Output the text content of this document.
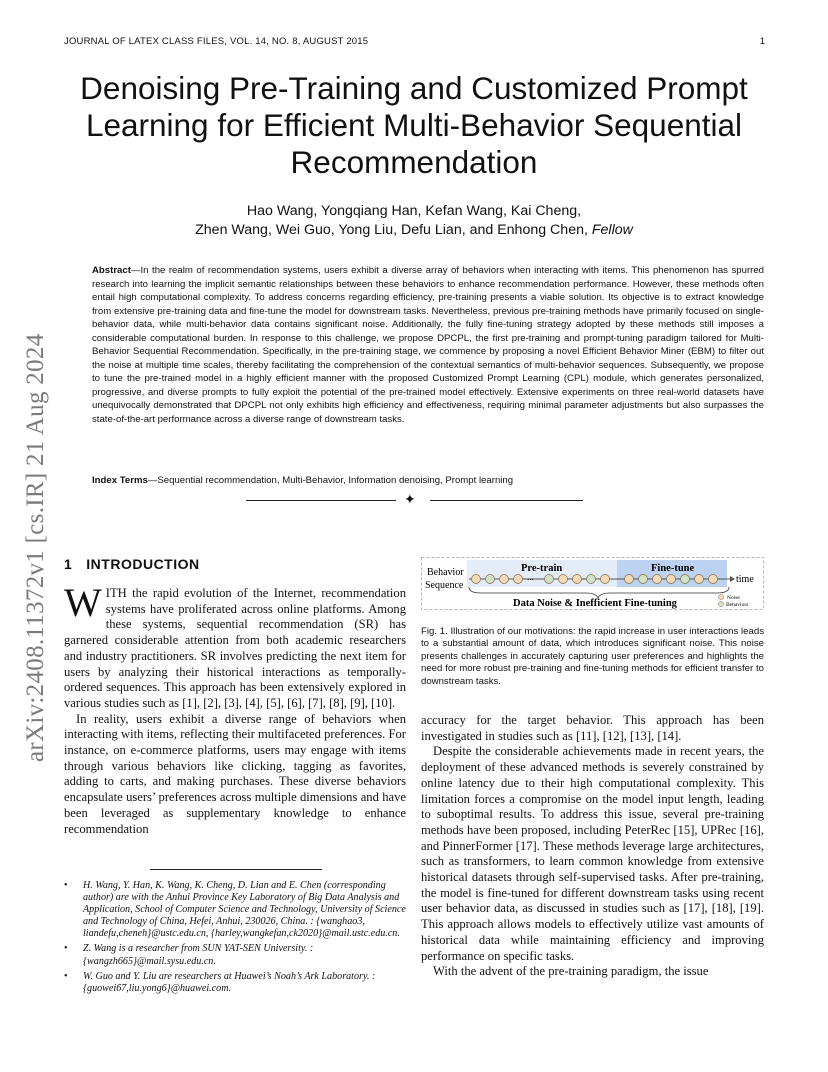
JOURNAL OF LATEX CLASS FILES, VOL. 14, NO. 8, AUGUST 2015	1
arXiv:2408.11372v1 [cs.IR] 21 Aug 2024
Denoising Pre-Training and Customized Prompt Learning for Efficient Multi-Behavior Sequential Recommendation
Hao Wang, Yongqiang Han, Kefan Wang, Kai Cheng,
Zhen Wang, Wei Guo, Yong Liu, Defu Lian, and Enhong Chen, Fellow
Abstract—In the realm of recommendation systems, users exhibit a diverse array of behaviors when interacting with items. This phenomenon has spurred research into learning the implicit semantic relationships between these behaviors to enhance recommendation performance. However, these methods often entail high computational complexity. To address concerns regarding efficiency, pre-training presents a viable solution. Its objective is to extract knowledge from extensive pre-training data and fine-tune the model for downstream tasks. Nevertheless, previous pre-training methods have primarily focused on single-behavior data, while multi-behavior data contains significant noise. Additionally, the fully fine-tuning strategy adopted by these methods still imposes a considerable computational burden. In response to this challenge, we propose DPCPL, the first pre-training and prompt-tuning paradigm tailored for Multi-Behavior Sequential Recommendation. Specifically, in the pre-training stage, we commence by proposing a novel Efficient Behavior Miner (EBM) to filter out the noise at multiple time scales, thereby facilitating the comprehension of the contextual semantics of multi-behavior sequences. Subsequently, we propose to tune the pre-trained model in a highly efficient manner with the proposed Customized Prompt Learning (CPL) module, which generates personalized, progressive, and diverse prompts to fully exploit the potential of the pre-trained model effectively. Extensive experiments on three real-world datasets have unequivocally demonstrated that DPCPL not only exhibits high efficiency and effectiveness, requiring minimal parameter adjustments but also surpasses the state-of-the-art performance across a diverse range of downstream tasks.
Index Terms—Sequential recommendation, Multi-Behavior, Information denoising, Prompt learning
✦
1 INTRODUCTION

WITH the rapid evolution of the Internet, recommendation systems have proliferated across online platforms. Among these systems, sequential recommendation (SR) has garnered considerable attention from both academic researchers and industry practitioners. SR involves predicting the next item for users by analyzing their historical interactions as temporally-ordered sequences. This approach has been extensively explored in various studies such as [1], [2], [3], [4], [5], [6], [7], [8], [9], [10].

In reality, users exhibit a diverse range of behaviors when interacting with items, reflecting their multifaceted preferences. For instance, on e-commerce platforms, users may engage with items through various behaviors like clicking, tagging as favorites, adding to carts, and making purchases. These diverse behaviors encapsulate users’ preferences across multiple dimensions and have been leveraged as supplementary knowledge to enhance recommendation

• H. Wang, Y. Han, K. Wang, K. Cheng, D. Lian and E. Chen (corresponding author) are with the Anhui Province Key Laboratory of Big Data Analysis and Application, School of Computer Science and Technology, University of Science and Technology of China, Hefei, Anhui, 230026, China. : {wanghao3, liandefu,cheneh}@ustc.edu.cn, {harley,wangkefan,ck2020}@mail.ustc.edu.cn.
• Z. Wang is a researcher from SUN YAT-SEN University. : {wangzh665}@mail.sysu.edu.cn.
• W. Guo and Y. Liu are researchers at Huawei’s Noah’s Ark Laboratory. : {guowei67,liu.yong6}@huawei.com.
Behavior
Sequence
Pre-train	Fine-tune
time
...
Data Noise & Inefficient Fine-tuning	Noise
Behaviors
Fig. 1. Illustration of our motivations: the rapid increase in user interactions leads to a substantial amount of data, which introduces significant noise. This noise presents challenges in accurately capturing user preferences and highlights the need for more robust pre-training and fine-tuning methods for efficient transfer to downstream tasks.

accuracy for the target behavior. This approach has been investigated in studies such as [11], [12], [13], [14].

Despite the considerable achievements made in recent years, the deployment of these advanced methods is severely constrained by online latency due to their high computational complexity. This limitation forces a compromise on the model input length, leading to suboptimal results. To address this issue, several pre-training methods have been proposed, including PeterRec [15], UPRec [16], and PinnerFormer [17]. These methods leverage large architectures, such as transformers, to learn common knowledge from extensive historical datasets through self-supervised tasks. After pre-training, the model is fine-tuned for different downstream tasks using recent user behavior data, as discussed in studies such as [17], [18], [19]. This approach allows models to effectively utilize vast amounts of historical data while maintaining efficiency and improving performance on specific tasks.

With the advent of the pre-training paradigm, the issue
